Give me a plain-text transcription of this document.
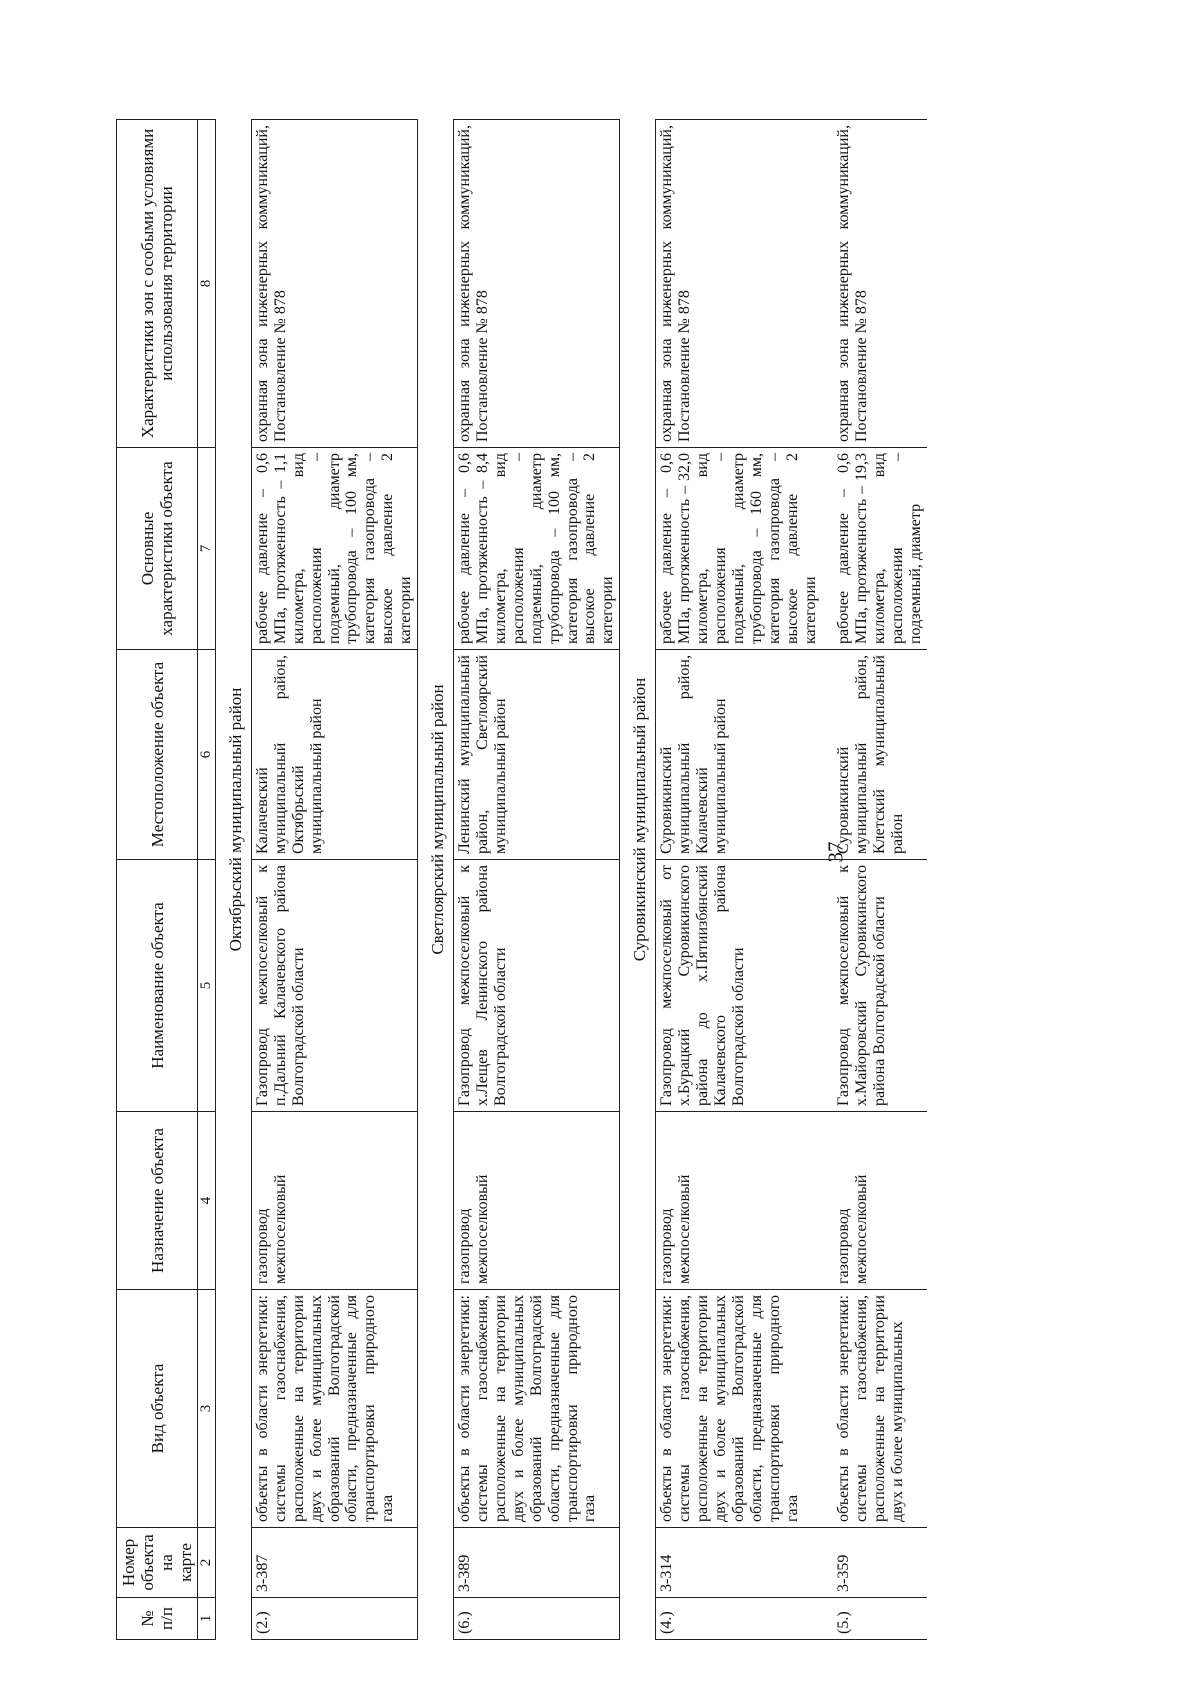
37
№ п/п	Номер объекта на карте	Вид объекта	Назначение объекта	Наименование объекта	Местоположение объекта	Основные характеристики объекта	Характеристики зон с особыми условиями использования территории
1	2	3	4	5	6	7	8
Октябрьский муниципальный район							
(2.)	3-387	объекты в области энергетики: системы газоснабжения, расположенные на территории двух и более муниципальных образований Волгоградской области, предназначенные для транспортировки природного газа	газопровод межпоселковый	Газопровод межпоселковый к п.Дальний Калачевского района Волгоградской области	Калачевский муниципальный район, Октябрьский муниципальный район	рабочее давление – 0,6 МПа, протяженность – 1,1 километра, вид расположения – подземный, диаметр трубопровода – 100 мм, категория газопровода – высокое давление 2 категории	охранная зона инженерных коммуникаций, Постановление № 878
Светлоярский муниципальный район							
(6.)	3-389	объекты в области энергетики: системы газоснабжения, расположенные на территории двух и более муниципальных образований Волгоградской области, предназначенные для транспортировки природного газа	газопровод межпоселковый	Газопровод межпоселковый к х.Лещев Ленинского района Волгоградской области	Ленинский муниципальный район, Светлоярский муниципальный район	рабочее давление – 0,6 МПа, протяженность – 8,4 километра, вид расположения – подземный, диаметр трубопровода – 100 мм, категория газопровода – высокое давление 2 категории	охранная зона инженерных коммуникаций, Постановление № 878
Суровикинский муниципальный район							
(4.)	3-314	объекты в области энергетики: системы газоснабжения, расположенные на территории двух и более муниципальных образований Волгоградской области, предназначенные для транспортировки природного газа	газопровод межпоселковый	Газопровод межпоселковый от х.Бурацкий Суровикинского района до х.Пятиизбянский Калачевского района Волгоградской области	Суровикинский муниципальный район, Калачевский муниципальный район	рабочее давление – 0,6 МПа, протяженность – 32,0 километра, вид расположения – подземный, диаметр трубопровода – 160 мм, категория газопровода – высокое давление 2 категории	охранная зона инженерных коммуникаций, Постановление № 878
(5.)	3-359	объекты в области энергетики: системы газоснабжения, расположенные на территории двух и более муниципальных	газопровод межпоселковый	Газопровод межпоселковый к х.Майоровский Суровикинского района Волгоградской области	Суровикинский муниципальный район, Клетский муниципальный район	рабочее давление – 0,6 МПа, протяженность – 19,3 километра, вид расположения – подземный, диаметр	охранная зона инженерных коммуникаций, Постановление № 878
